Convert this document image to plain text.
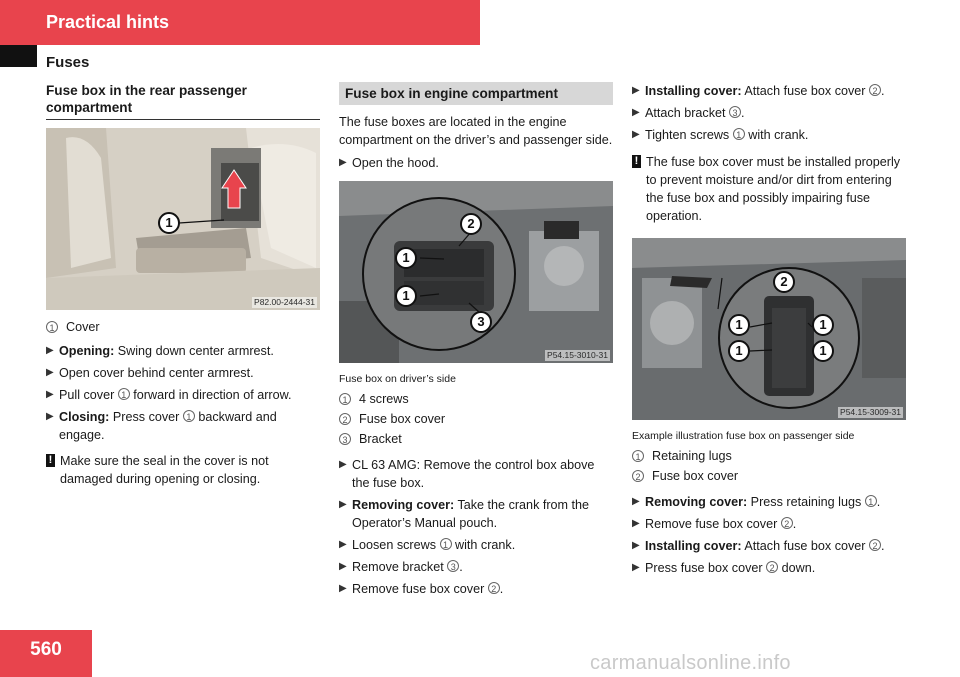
Practical hints
Fuses
Fuse box in the rear passenger compartment
1
P82.00-2444-31
1 Cover
▶ Opening: Swing down center armrest.
▶ Open cover behind center armrest.
▶ Pull cover 1 forward in direction of arrow.
▶ Closing: Press cover 1 backward and engage.
! Make sure the seal in the cover is not damaged during opening or closing.
Fuse box in engine compartment
The fuse boxes are located in the engine compartment on the driver’s and passenger side.
▶ Open the hood.
2
1
1
3
P54.15-3010-31
Fuse box on driver’s side
1 4 screws
2 Fuse box cover
3 Bracket
▶ CL 63 AMG: Remove the control box above the fuse box.
▶ Removing cover: Take the crank from the Operator’s Manual pouch.
▶ Loosen screws 1 with crank.
▶ Remove bracket 3 .
▶ Remove fuse box cover 2 .
▶ Installing cover: Attach fuse box cover 2 .
▶ Attach bracket 3 .
▶ Tighten screws 1 with crank.
! The fuse box cover must be installed properly to prevent moisture and/or dirt from entering the fuse box and possibly impairing fuse operation.
2
1
1
1
1
P54.15-3009-31
Example illustration fuse box on passenger side
1 Retaining lugs
2 Fuse box cover
▶ Removing cover: Press retaining lugs 1 .
▶ Remove fuse box cover 2 .
▶ Installing cover: Attach fuse box cover 2 .
▶ Press fuse box cover 2 down.
560
carmanualsonline.info
